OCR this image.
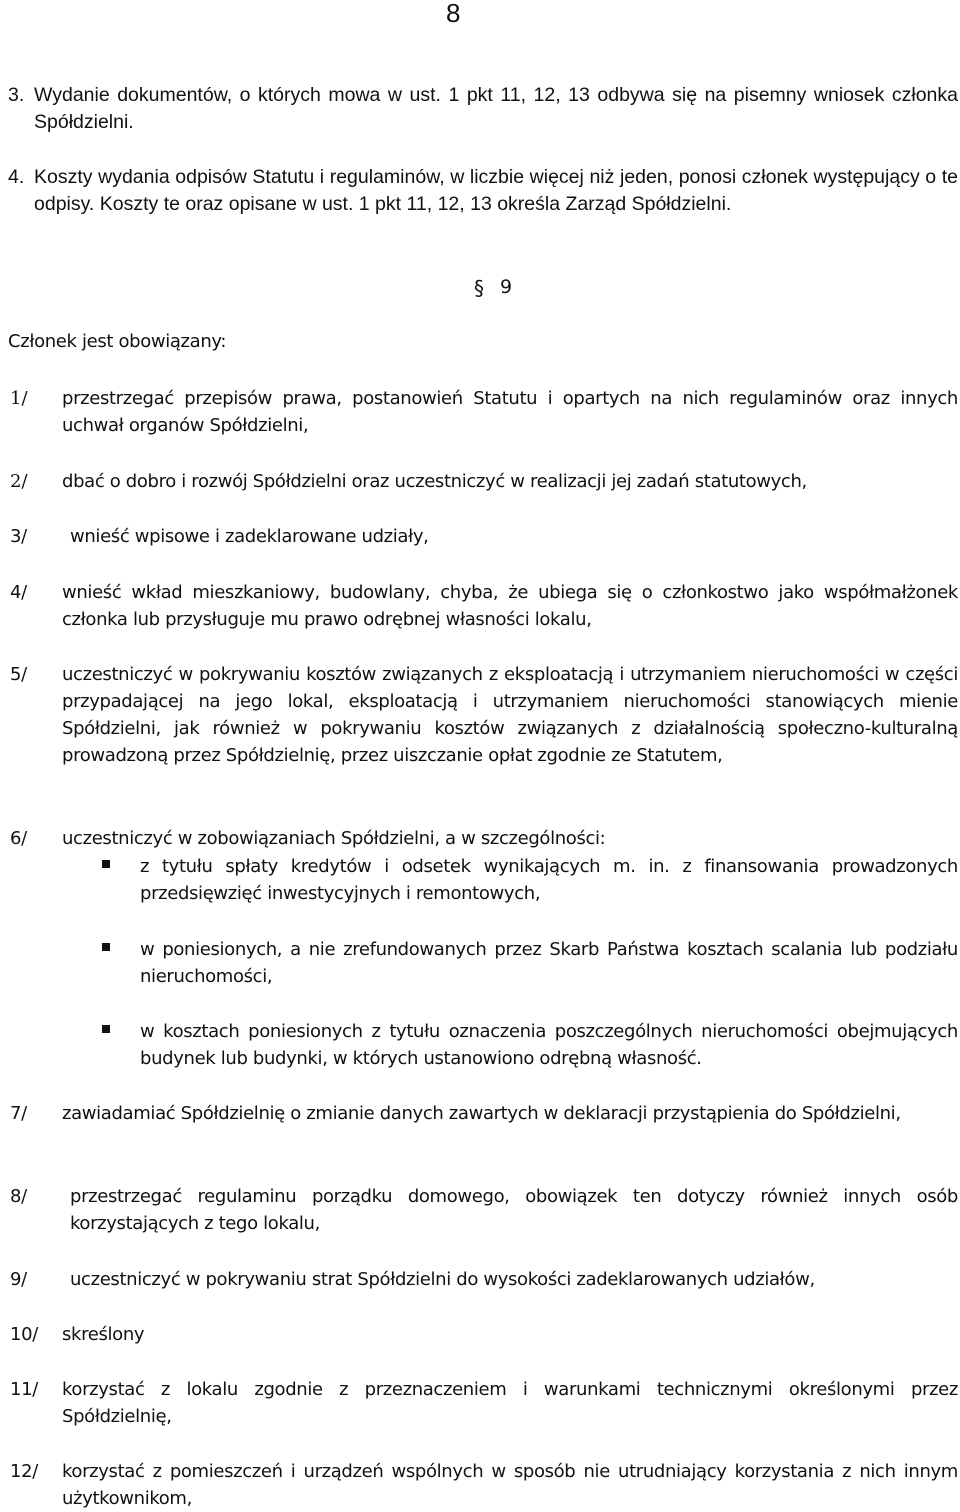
8
3. Wydanie dokumentów, o których mowa w ust. 1 pkt 11, 12, 13 odbywa się na pisemny wniosek członka Spółdzielni.
4. Koszty wydania odpisów Statutu i regulaminów, w liczbie więcej niż jeden, ponosi członek występujący o te odpisy. Koszty te oraz opisane w ust. 1 pkt 11, 12, 13 określa Zarząd Spółdzielni.
§ 9
Członek jest obowiązany:
1/ przestrzegać przepisów prawa, postanowień Statutu i opartych na nich regulaminów oraz innych uchwał organów Spółdzielni,
2/ dbać o dobro i rozwój Spółdzielni oraz uczestniczyć w realizacji jej zadań statutowych,
3/ wnieść wpisowe i zadeklarowane udziały,
4/ wnieść wkład mieszkaniowy, budowlany, chyba, że ubiega się o członkostwo jako współmałżonek członka lub przysługuje mu prawo odrębnej własności lokalu,
5/ uczestniczyć w pokrywaniu kosztów związanych z eksploatacją i utrzymaniem nieruchomości w części przypadającej na jego lokal, eksploatacją i utrzymaniem nieruchomości stanowiących mienie Spółdzielni, jak również w pokrywaniu kosztów związanych z działalnością społeczno-kulturalną prowadzoną przez Spółdzielnię, przez uiszczanie opłat zgodnie ze Statutem,
6/ uczestniczyć w zobowiązaniach Spółdzielni, a w szczególności:
z tytułu spłaty kredytów i odsetek wynikających m. in. z finansowania prowadzonych przedsięwzięć inwestycyjnych i remontowych,
w poniesionych, a nie zrefundowanych przez Skarb Państwa kosztach scalania lub podziału nieruchomości,
w kosztach poniesionych z tytułu oznaczenia poszczególnych nieruchomości obejmujących budynek lub budynki, w których ustanowiono odrębną własność.
7/ zawiadamiać Spółdzielnię o zmianie danych zawartych w deklaracji przystąpienia do Spółdzielni,
8/ przestrzegać regulaminu porządku domowego, obowiązek ten dotyczy również innych osób korzystających z tego lokalu,
9/ uczestniczyć w pokrywaniu strat Spółdzielni do wysokości zadeklarowanych udziałów,
10/ skreślony
11/ korzystać z lokalu zgodnie z przeznaczeniem i warunkami technicznymi określonymi przez Spółdzielnię,
12/ korzystać z pomieszczeń i urządzeń wspólnych w sposób nie utrudniający korzystania z nich innym użytkownikom,
